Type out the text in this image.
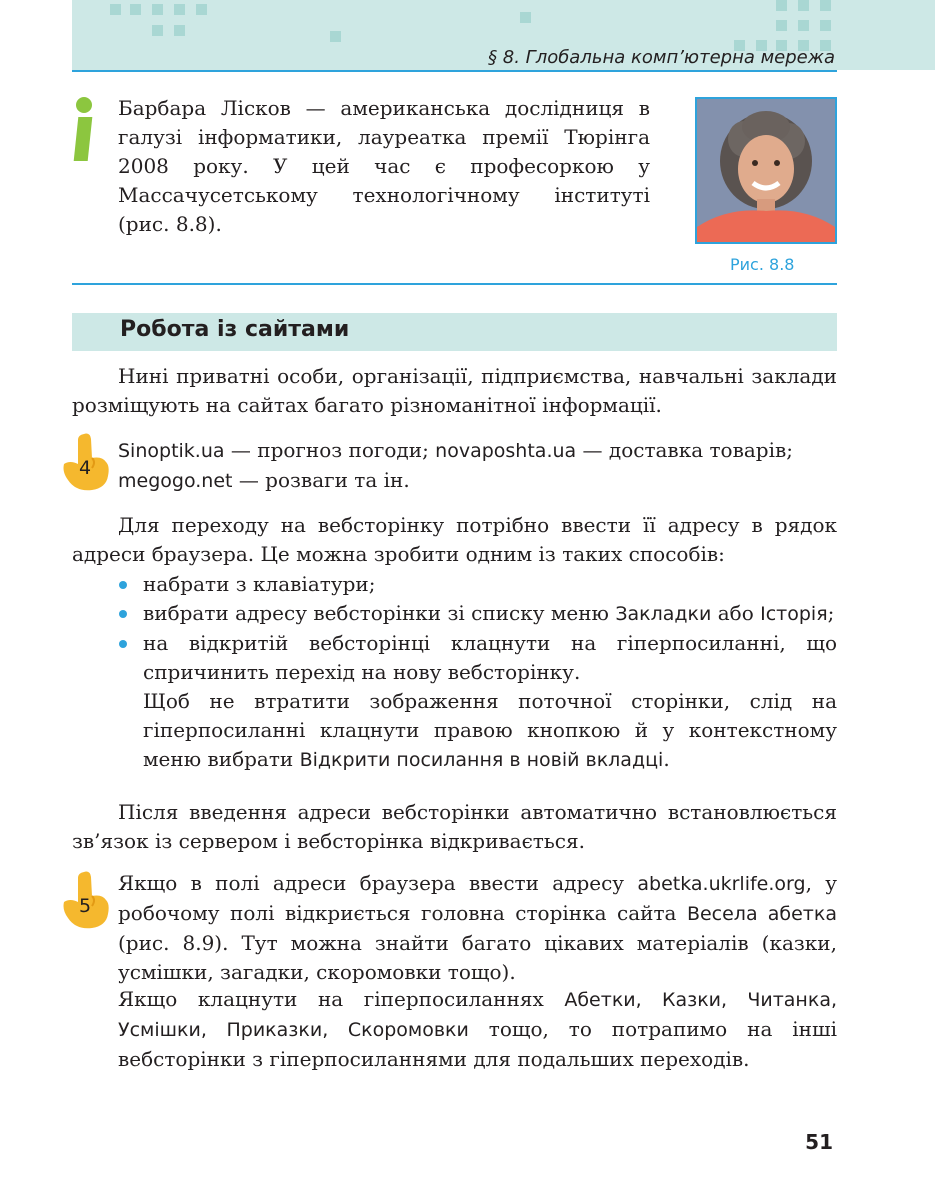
§ 8. Глобальна комп’ютерна мережа
Барбара Лісков — американська дослідниця в галузі інформатики, лауреатка премії Тюрінга 2008 року. У цей час є професоркою у Массачусетському технологічному інституті (рис. 8.8).
Рис. 8.8
Робота із сайтами
Нині приватні особи, організації, підприємства, навчальні заклади розміщують на сайтах багато різноманітної інформації.
4
Sinoptik.ua — прогноз погоди; novaposhta.ua — доставка товарів;
megogo.net — розваги та ін.
Для переходу на вебсторінку потрібно ввести її адресу в рядок адреси браузера. Це можна зробити одним із таких способів:
набрати з клавіатури;
вибрати адресу вебсторінки зі списку меню Закладки або Історія;
на відкритій вебсторінці клацнути на гіперпосиланні, що спричинить перехід на нову вебсторінку.
Щоб не втратити зображення поточної сторінки, слід на гіперпосиланні клацнути правою кнопкою й у контекстному меню вибрати Відкрити посилання в новій вкладці.
Після введення адреси вебсторінки автоматично встановлюється зв’язок із сервером і вебсторінка відкривається.
5
Якщо в полі адреси браузера ввести адресу abetka.ukrlife.org, у робочому полі відкриється головна сторінка сайта Весела абетка (рис. 8.9). Тут можна знайти багато цікавих матеріалів (казки, усмішки, загадки, скоромовки тощо).
Якщо клацнути на гіперпосиланнях Абетки, Казки, Читанка, Усмішки, Приказки, Скоромовки тощо, то потрапимо на інші вебсторінки з гіперпосиланнями для подальших переходів.
51
